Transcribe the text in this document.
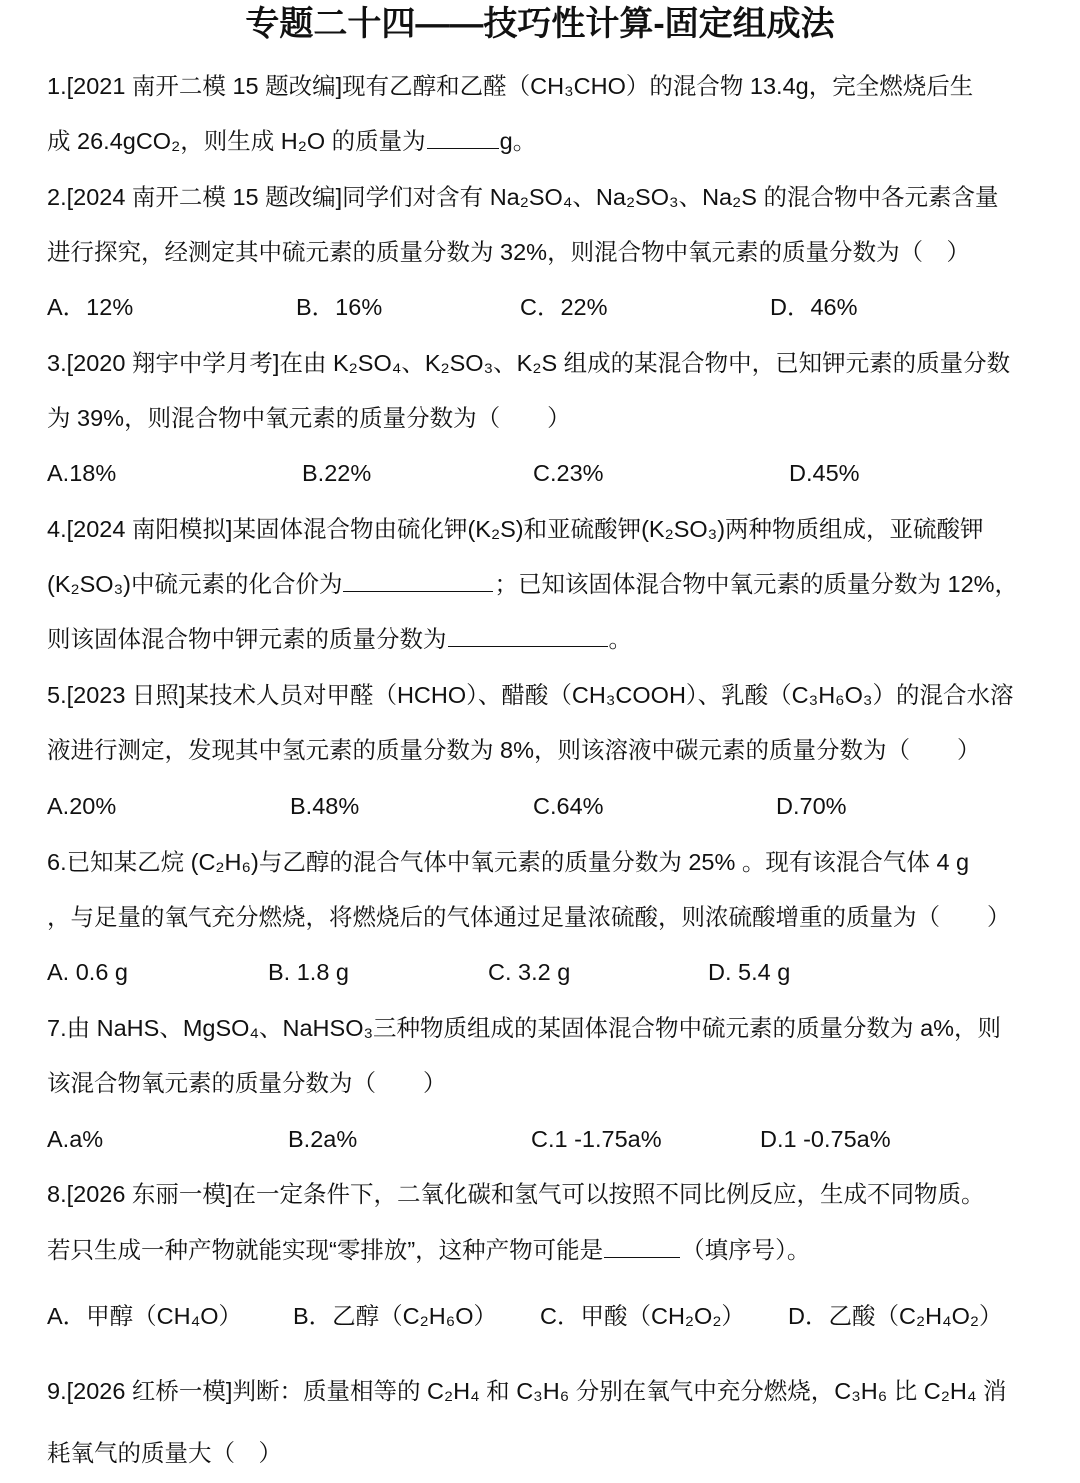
专题二十四——技巧性计算-固定组成法
1.[2021 南开二模 15 题改编]现有乙醇和乙醛（CH₃CHO）的混合物 13.4g，完全燃烧后生
成 26.4gCO₂，则生成 H₂O 的质量为	g。
2.[2024 南开二模 15 题改编]同学们对含有 Na₂SO₄、Na₂SO₃、Na₂S 的混合物中各元素含量
进行探究，经测定其中硫元素的质量分数为 32%，则混合物中氧元素的质量分数为（　）
A．12%	B．16%	C．22%	D．46%
3.[2020 翔宇中学月考]在由 K₂SO₄、K₂SO₃、K₂S 组成的某混合物中，已知钾元素的质量分数
为 39%，则混合物中氧元素的质量分数为（　　）
A.18%	B.22%	C.23%	D.45%
4.[2024 南阳模拟]某固体混合物由硫化钾(K₂S)和亚硫酸钾(K₂SO₃)两种物质组成，亚硫酸钾
(K₂SO₃)中硫元素的化合价为	；已知该固体混合物中氧元素的质量分数为 12%，
则该固体混合物中钾元素的质量分数为	。
5.[2023 日照]某技术人员对甲醛（HCHO）、醋酸（CH₃COOH）、乳酸（C₃H₆O₃）的混合水溶
液进行测定，发现其中氢元素的质量分数为 8%，则该溶液中碳元素的质量分数为（　　）
A.20%	B.48%	C.64%	D.70%
6.已知某乙烷 (C₂H₆)与乙醇的混合气体中氧元素的质量分数为 25% 。现有该混合气体 4 g
，与足量的氧气充分燃烧，将燃烧后的气体通过足量浓硫酸，则浓硫酸增重的质量为（　　）
A. 0.6 g	B. 1.8 g	C. 3.2 g	D. 5.4 g
7.由 NaHS、MgSO₄、NaHSO₃三种物质组成的某固体混合物中硫元素的质量分数为 a%，则
该混合物氧元素的质量分数为（　　）
A.a%	B.2a%	C.1 -1.75a%	D.1 -0.75a%
8.[2026 东丽一模]在一定条件下，二氧化碳和氢气可以按照不同比例反应，生成不同物质。
若只生成一种产物就能实现“零排放”，这种产物可能是	（填序号）。
A．甲醇（CH₄O） B．乙醇（C₂H₆O） C．甲酸（CH₂O₂） D．乙酸（C₂H₄O₂）
9.[2026 红桥一模]判断：质量相等的 C₂H₄ 和 C₃H₆ 分别在氧气中充分燃烧，C₃H₆ 比 C₂H₄ 消
耗氧气的质量大（　）
